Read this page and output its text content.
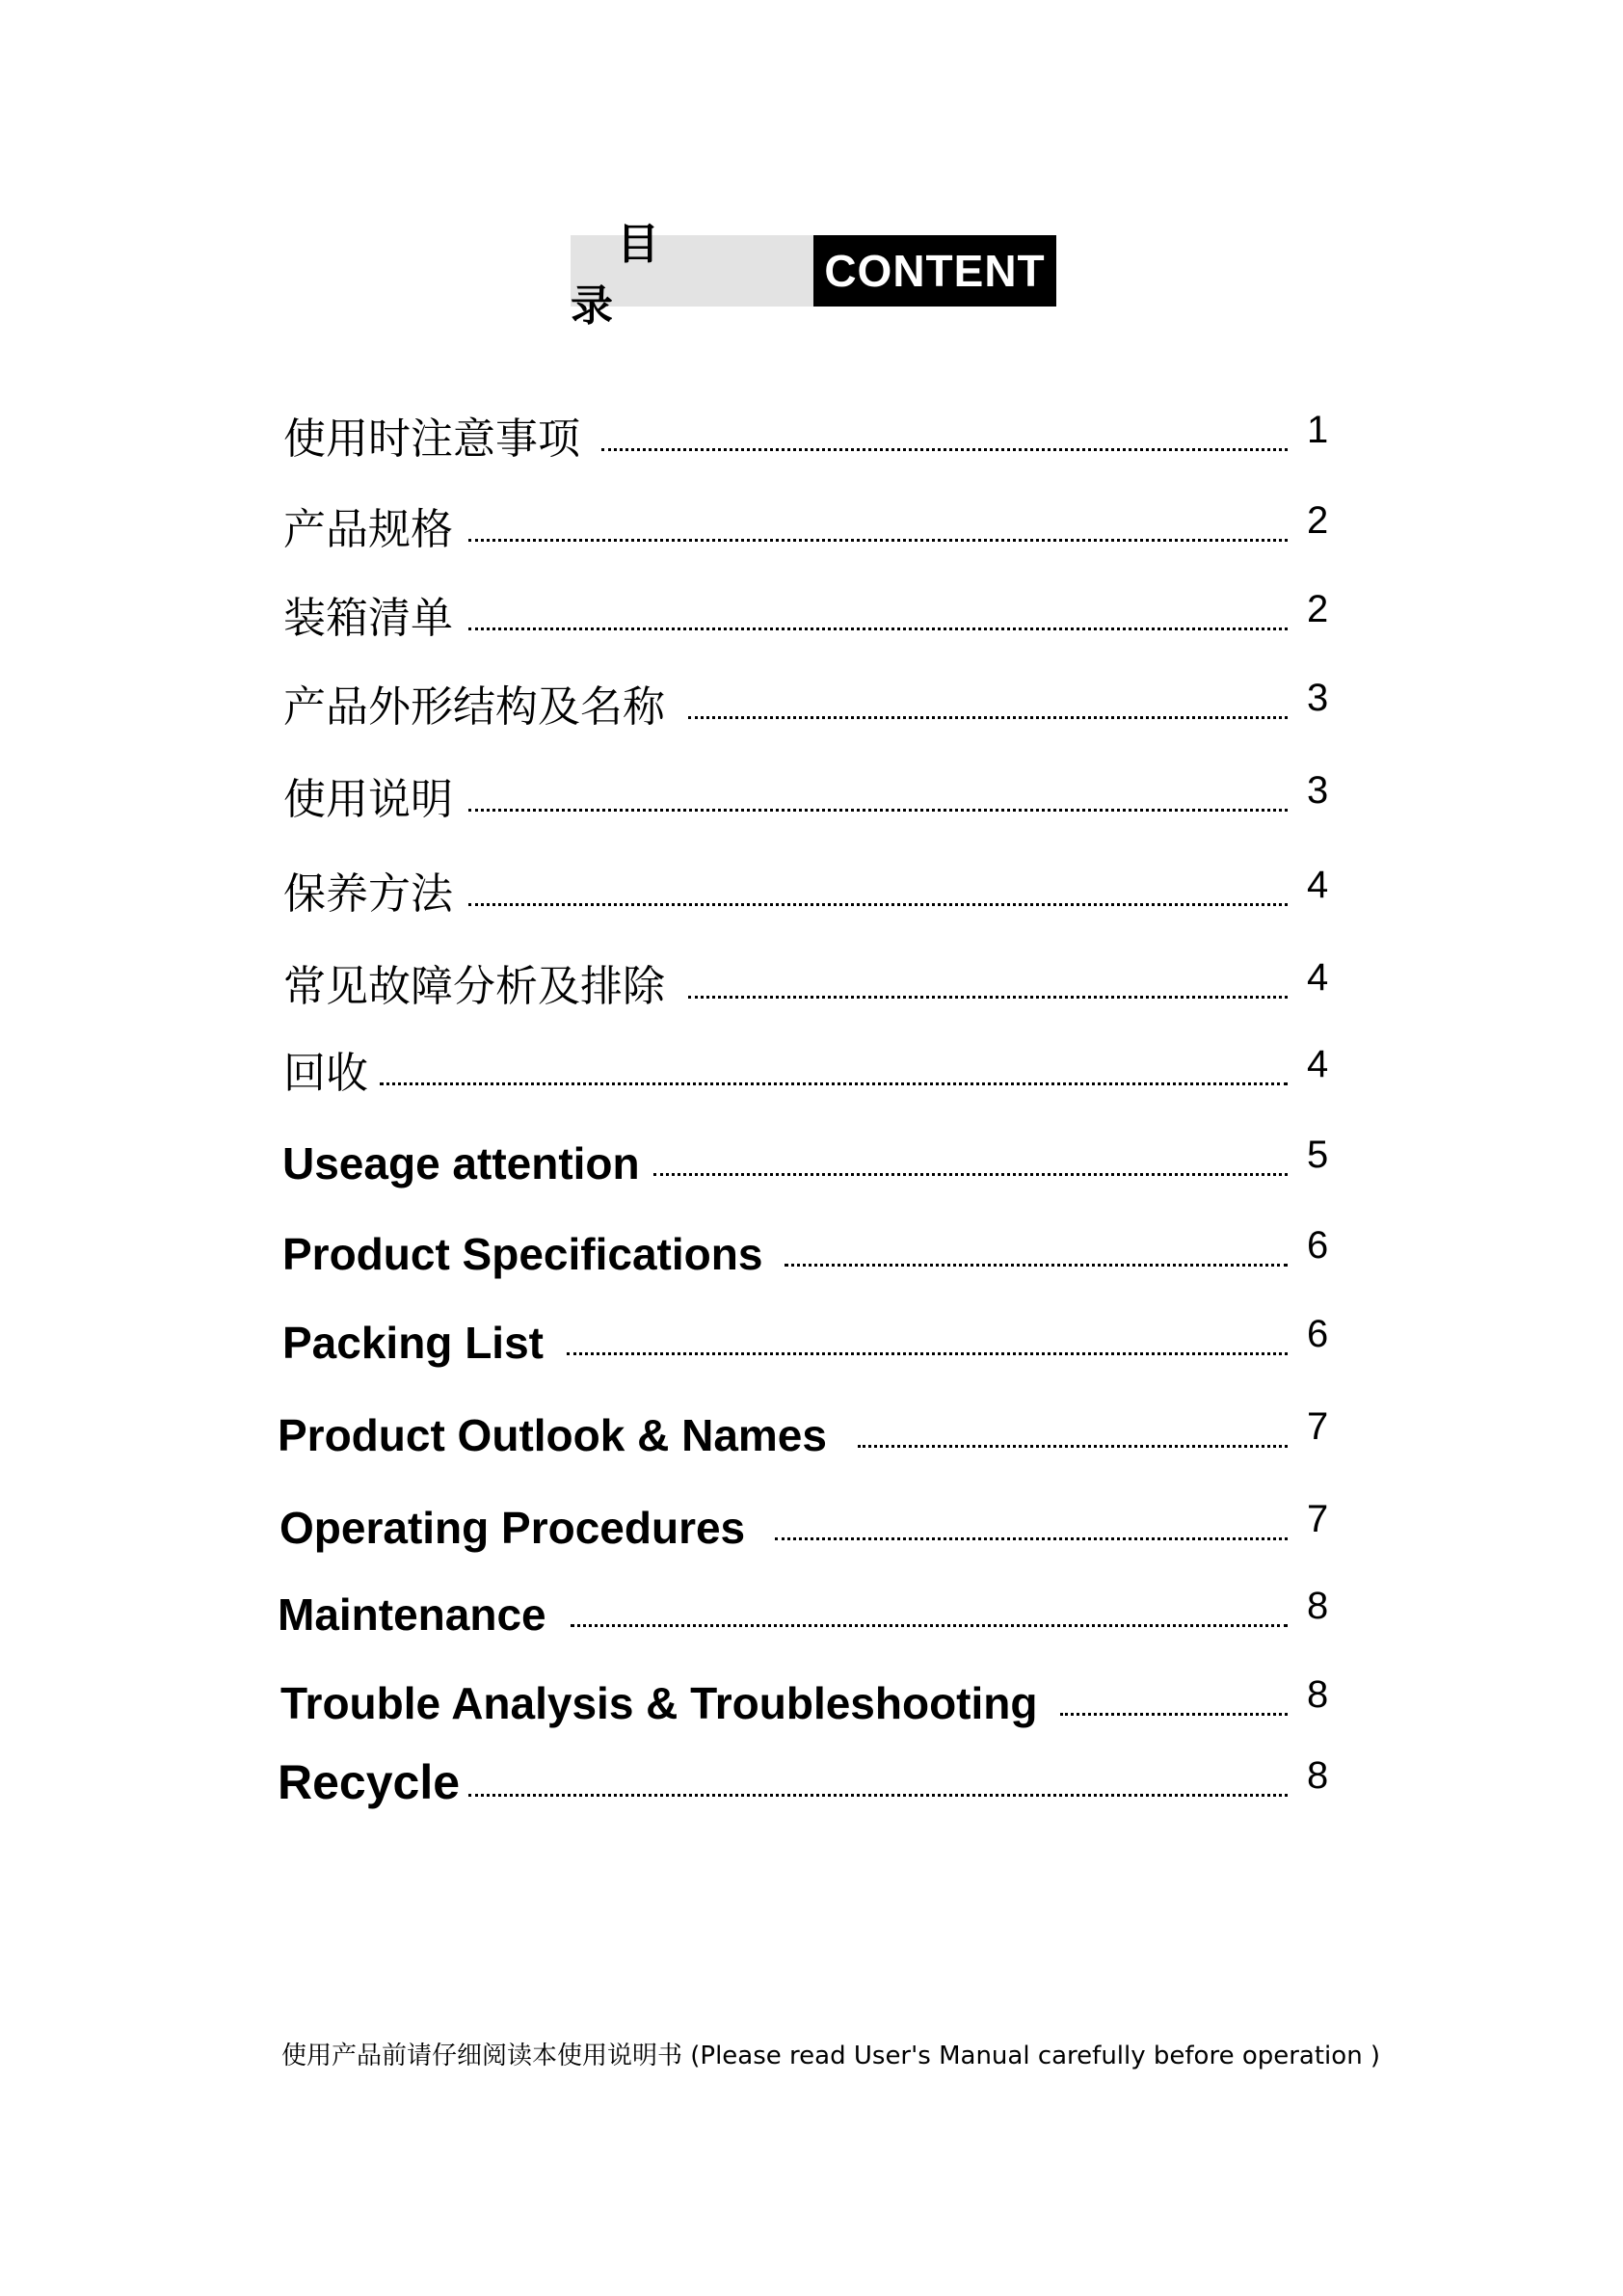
目 录
CONTENT
使用时注意事项	1
产品规格	2
装箱清单	2
产品外形结构及名称	3
使用说明	3
保养方法	4
常见故障分析及排除	4
回收	4
Useage attention	5
Product Specifications	6
Packing List	6
Product Outlook & Names	7
Operating Procedures	7
Maintenance	8
Trouble Analysis & Troubleshooting	8
Recycle	8
使用产品前请仔细阅读本使用说明书 (Please read User's Manual carefully before operation )
